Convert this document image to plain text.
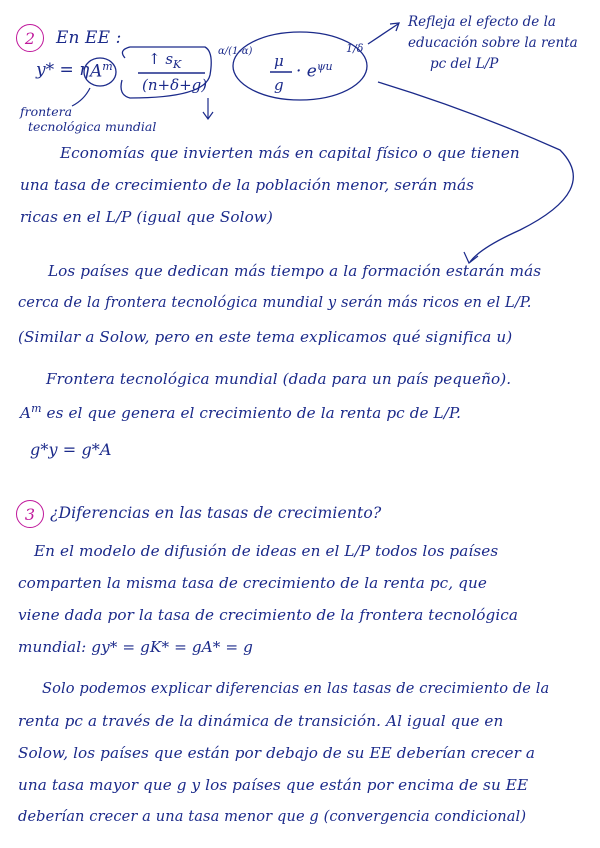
2 En EE :
y* = η $A^m$ ↑ $s_K$
(n+δ+g)
α/(1-α)
μ
g
· $e^{\psi u}$
1/δ
Refleja el efecto de la
educación sobre la renta
pc del L/P
frontera
tecnológica mundial
Economías que invierten más en capital físico o que tienen
una tasa de crecimiento de la población menor, serán más
ricas en el L/P (igual que Solow)
Los países que dedican más tiempo a la formación estarán más
cerca de la frontera tecnológica mundial y serán más ricos en el L/P.
(Similar a Solow, pero en este tema explicamos qué significa u)
Frontera tecnológica mundial (dada para un país pequeño).
$A^m$ es el que genera el crecimiento de la renta pc de L/P.
g*y = g*A
3 ¿Diferencias en las tasas de crecimiento?
En el modelo de difusión de ideas en el L/P todos los países
comparten la misma tasa de crecimiento de la renta pc, que
viene dada por la tasa de crecimiento de la frontera tecnológica
mundial: gy* = gK* = gA* = g
Solo podemos explicar diferencias en las tasas de crecimiento de la
renta pc a través de la dinámica de transición. Al igual que en
Solow, los países que están por debajo de su EE deberían crecer a
una tasa mayor que g y los países que están por encima de su EE
deberían crecer a una tasa menor que g (convergencia condicional)
